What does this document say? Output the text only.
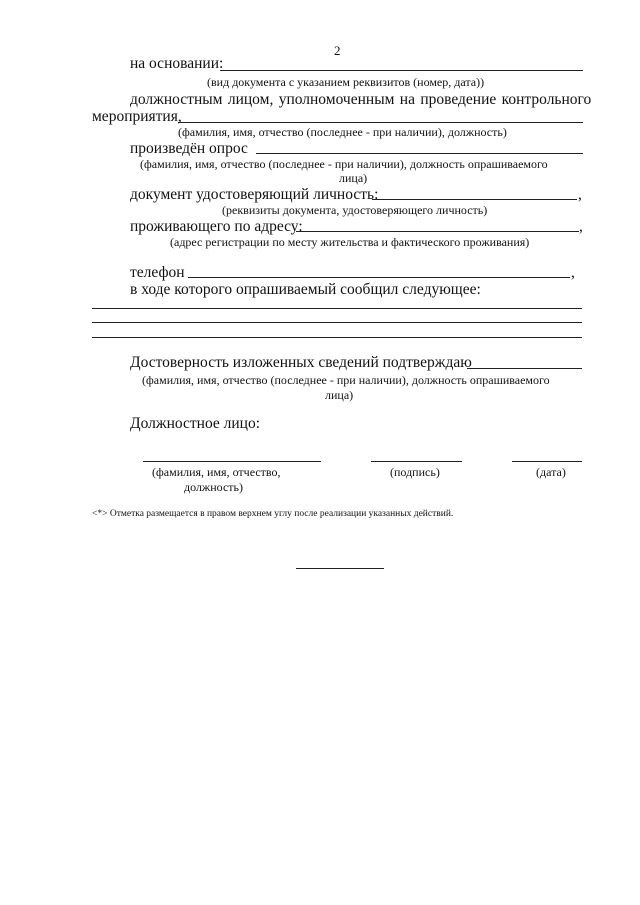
2
на основании:
(вид документа с указанием реквизитов (номер, дата))
должностным лицом, уполномоченным на проведение контрольного
мероприятия,
(фамилия, имя, отчество (последнее - при наличии), должность)
произведён опрос
(фамилия, имя, отчество (последнее - при наличии), должность опрашиваемого
лица)
документ удостоверяющий личность:	,
(реквизиты документа, удостоверяющего личность)
проживающего по адресу:	,
(адрес регистрации по месту жительства и фактического проживания)
телефон	,
в ходе которого опрашиваемый сообщил следующее:
Достоверность изложенных сведений подтверждаю
(фамилия, имя, отчество (последнее - при наличии), должность опрашиваемого
лица)
Должностное лицо:
(фамилия, имя, отчество,
должность)
(подпись)	(дата)
<*> Отметка размещается в правом верхнем углу после реализации указанных действий.
